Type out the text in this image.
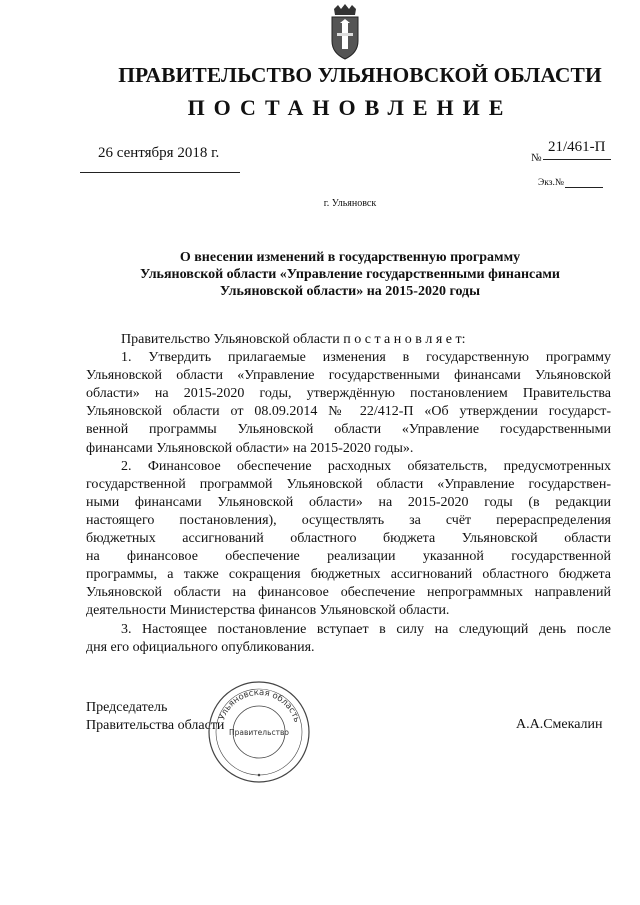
ПРАВИТЕЛЬСТВО УЛЬЯНОВСКОЙ ОБЛАСТИ
ПОСТАНОВЛЕНИЕ
26 сентября 2018 г.	№
21/461-П
Экз.№
г. Ульяновск
О внесении изменений в государственную программу
Ульяновской области «Управление государственными финансами
Ульяновской области» на 2015-2020 годы
Правительство Ульяновской области п о с т а н о в л я е т:
1. Утвердить прилагаемые изменения в государственную программу
Ульяновской области «Управление государственными финансами Ульяновской
области» на 2015-2020 годы, утверждённую постановлением Правительства
Ульяновской области от 08.09.2014 № 22/412-П «Об утверждении государст-
венной программы Ульяновской области «Управление государственными
финансами Ульяновской области» на 2015-2020 годы».
2. Финансовое обеспечение расходных обязательств, предусмотренных
государственной программой Ульяновской области «Управление государствен-
ными финансами Ульяновской области» на 2015-2020 годы (в редакции
настоящего постановления), осуществлять за счёт перераспределения
бюджетных ассигнований областного бюджета Ульяновской области
на финансовое обеспечение реализации указанной государственной
программы, а также сокращения бюджетных ассигнований областного бюджета
Ульяновской области на финансовое обеспечение непрограммных направлений
деятельности Министерства финансов Ульяновской области.
3. Настоящее постановление вступает в силу на следующий день после
дня его официального опубликования.
Председатель
Правительства области	А.А.Смекалин
Ульяновская область
Правительство
